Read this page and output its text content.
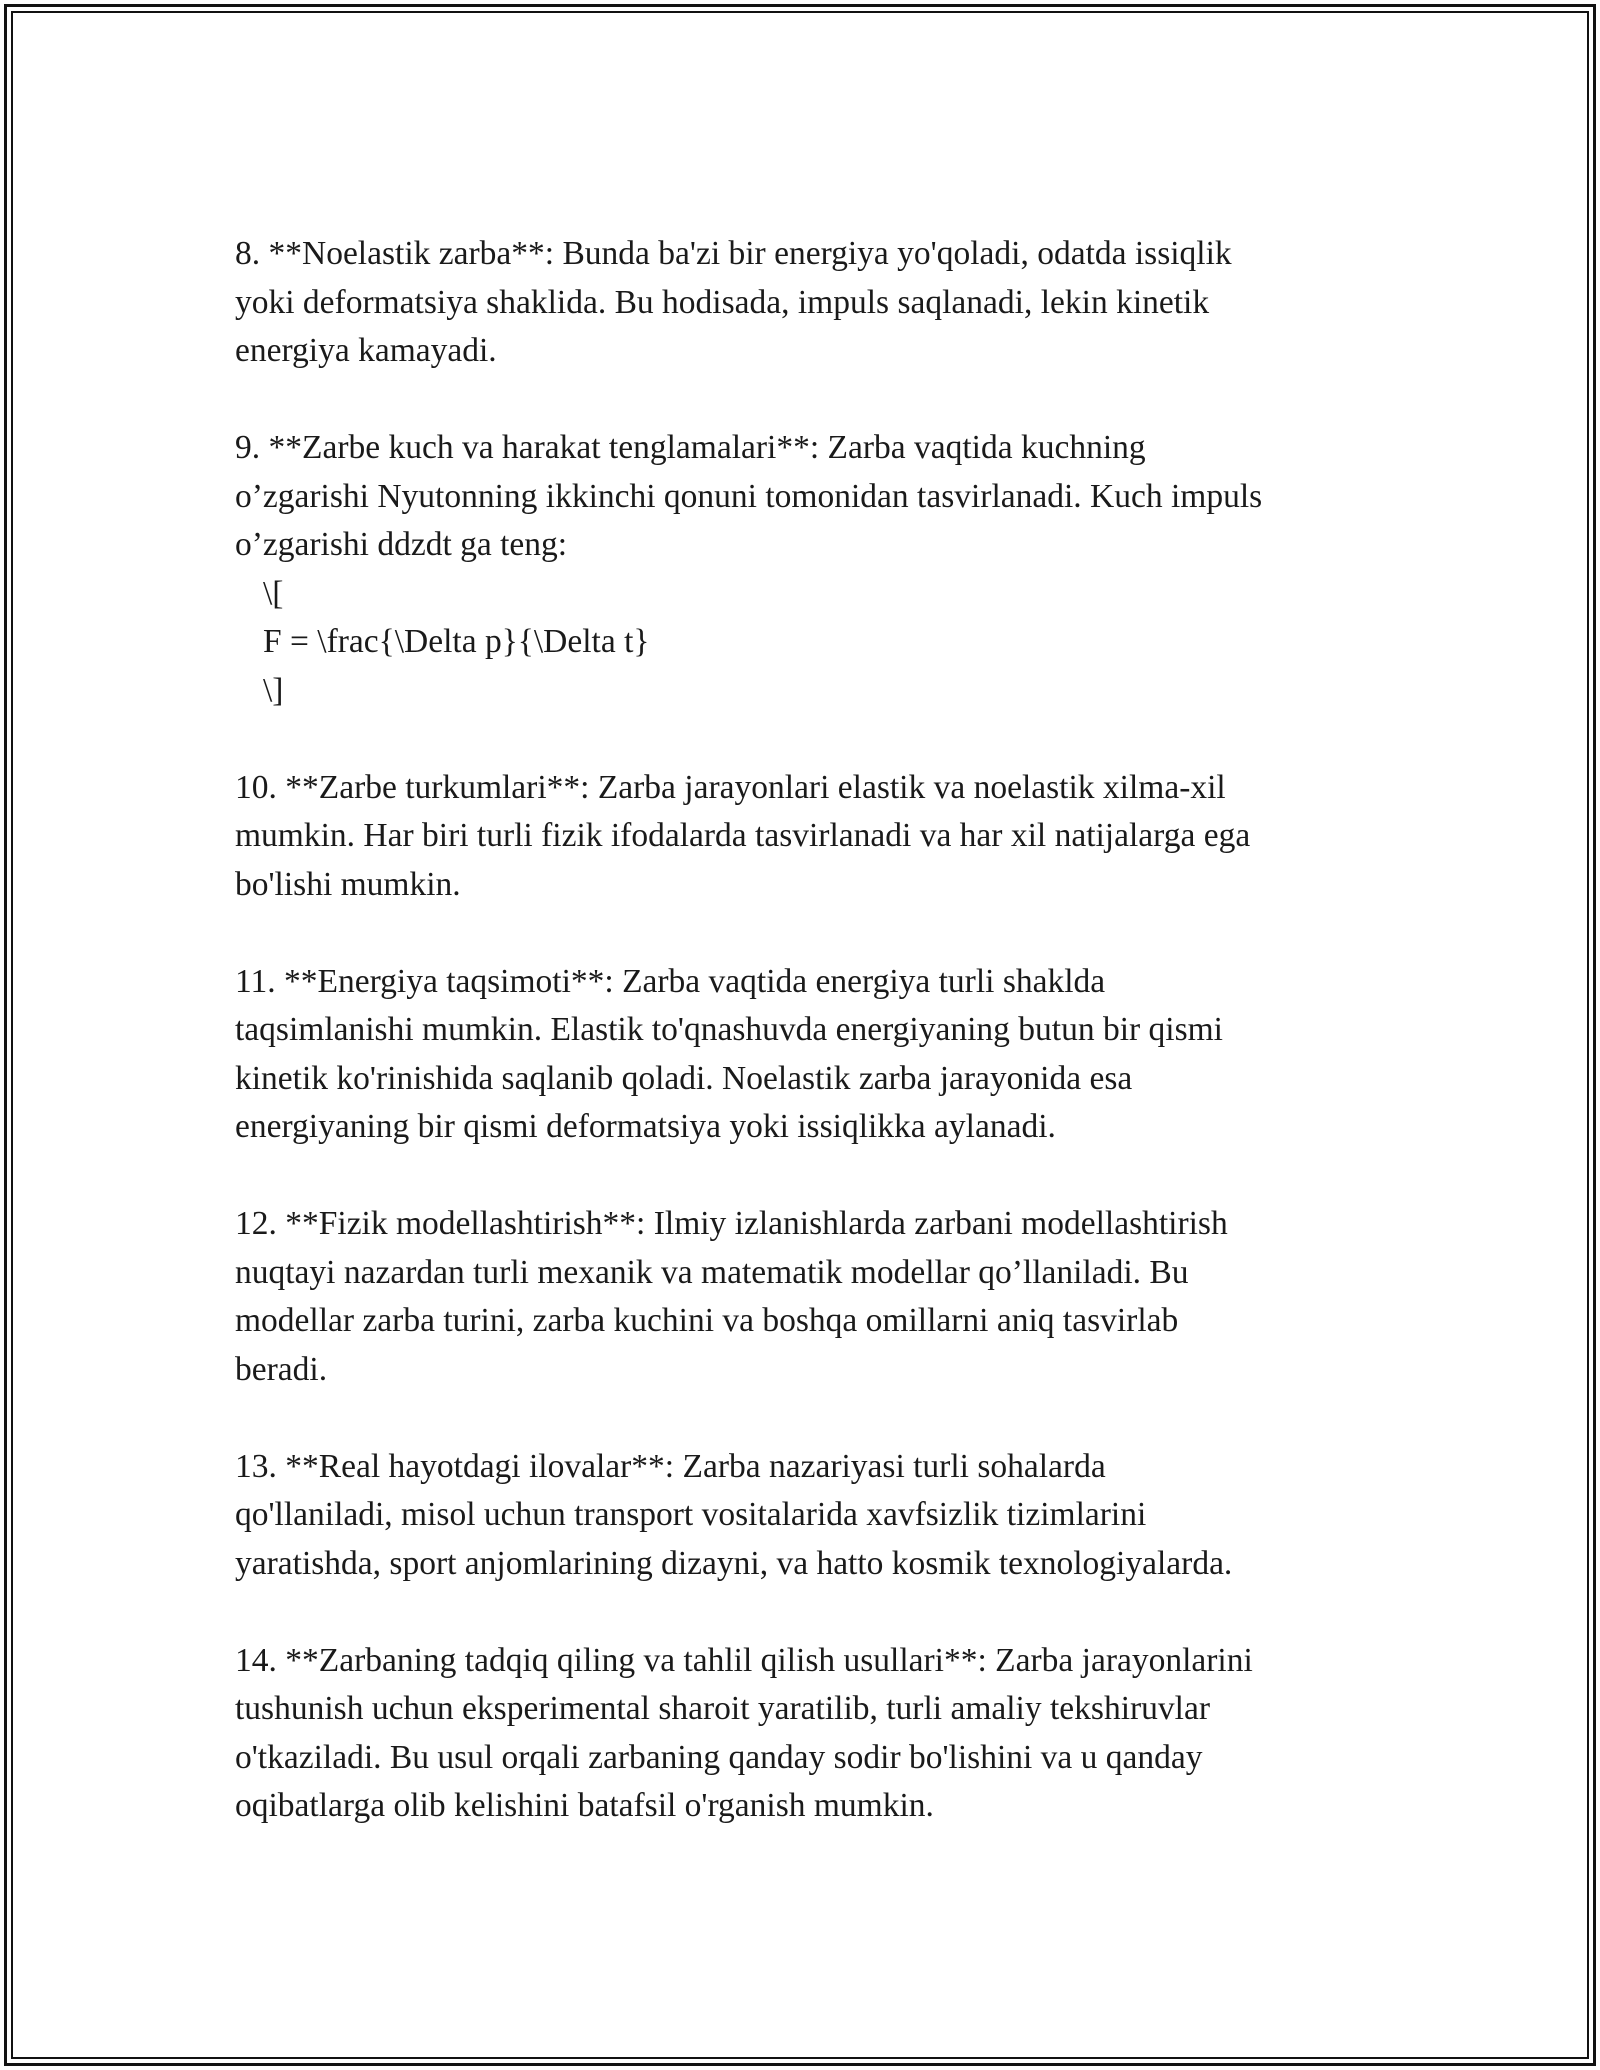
8. **Noelastik zarba**: Bunda ba'zi bir energiya yo'qoladi, odatda issiqlik
yoki deformatsiya shaklida. Bu hodisada, impuls saqlanadi, lekin kinetik
energiya kamayadi.

9. **Zarbe kuch va harakat tenglamalari**: Zarba vaqtida kuchning
o’zgarishi Nyutonning ikkinchi qonuni tomonidan tasvirlanadi. Kuch impuls
o’zgarishi ddzdt ga teng:
\[
F = \frac{\Delta p}{\Delta t}
\]

10. **Zarbe turkumlari**: Zarba jarayonlari elastik va noelastik xilma-xil
mumkin. Har biri turli fizik ifodalarda tasvirlanadi va har xil natijalarga ega
bo'lishi mumkin.

11. **Energiya taqsimoti**: Zarba vaqtida energiya turli shaklda
taqsimlanishi mumkin. Elastik to'qnashuvda energiyaning butun bir qismi
kinetik ko'rinishida saqlanib qoladi. Noelastik zarba jarayonida esa
energiyaning bir qismi deformatsiya yoki issiqlikka aylanadi.

12. **Fizik modellashtirish**: Ilmiy izlanishlarda zarbani modellashtirish
nuqtayi nazardan turli mexanik va matematik modellar qo’llaniladi. Bu
modellar zarba turini, zarba kuchini va boshqa omillarni aniq tasvirlab
beradi.

13. **Real hayotdagi ilovalar**: Zarba nazariyasi turli sohalarda
qo'llaniladi, misol uchun transport vositalarida xavfsizlik tizimlarini
yaratishda, sport anjomlarining dizayni, va hatto kosmik texnologiyalarda.

14. **Zarbaning tadqiq qiling va tahlil qilish usullari**: Zarba jarayonlarini
tushunish uchun eksperimental sharoit yaratilib, turli amaliy tekshiruvlar
o'tkaziladi. Bu usul orqali zarbaning qanday sodir bo'lishini va u qanday
oqibatlarga olib kelishini batafsil o'rganish mumkin.
